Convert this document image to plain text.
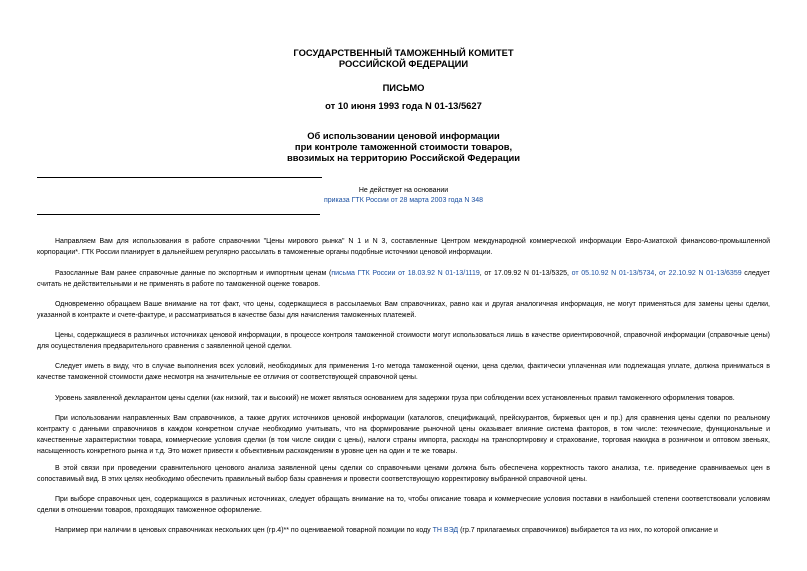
ГОСУДАРСТВЕННЫЙ ТАМОЖЕННЫЙ КОМИТЕТ
РОССИЙСКОЙ ФЕДЕРАЦИИ
ПИСЬМО
от 10 июня 1993 года N 01-13/5627
Об использовании ценовой информации
при контроле таможенной стоимости товаров,
ввозимых на территорию Российской Федерации
Не действует на основании
приказа ГТК России от 28 марта 2003 года N 348

Направляем Вам для использования в работе справочники "Цены мирового рынка" N 1 и N 3, составленные Центром международной коммерческой информации Евро-Азиатской финансово-промышленной корпорации*. ГТК России планирует в дальнейшем регулярно рассылать в таможенные органы подобные источники ценовой информации.

Разосланные Вам ранее справочные данные по экспортным и импортным ценам (письма ГТК России от 18.03.92 N 01-13/1119, от 17.09.92 N 01-13/5325, от 05.10.92 N 01-13/5734, от 22.10.92 N 01-13/6359 следует считать не действительными и не применять в работе по таможенной оценке товаров.

Одновременно обращаем Ваше внимание на тот факт, что цены, содержащиеся в рассылаемых Вам справочниках, равно как и другая аналогичная информация, не могут применяться для замены цены сделки, указанной в контракте и счете-фактуре, и рассматриваться в качестве базы для начисления таможенных платежей.

Цены, содержащиеся в различных источниках ценовой информации, в процессе контроля таможенной стоимости могут использоваться лишь в качестве ориентировочной, справочной информации (справочные цены) для осуществления предварительного сравнения с заявленной ценой сделки.

Следует иметь в виду, что в случае выполнения всех условий, необходимых для применения 1-го метода таможенной оценки, цена сделки, фактически уплаченная или подлежащая уплате, должна приниматься в качестве таможенной стоимости даже несмотря на значительные ее отличия от соответствующей справочной цены.

Уровень заявленной декларантом цены сделки (как низкий, так и высокий) не может являться основанием для задержки груза при соблюдении всех установленных правил таможенного оформления товаров.

При использовании направленных Вам справочников, а также других источников ценовой информации (каталогов, спецификаций, прейскурантов, биржевых цен и пр.) для сравнения цены сделки по реальному контракту с данными справочников в каждом конкретном случае необходимо учитывать, что на формирование рыночной цены оказывает влияние система факторов, в том числе: технические, функциональные и качественные характеристики товара, коммерческие условия сделки (в том числе скидки с цены), налоги страны импорта, расходы на транспортировку и страхование, торговая накидка в розничном и оптовом звеньях, насыщенность конкретного рынка и т.д. Это может привести к объективным расхождениям в уровне цен на один и те же товары.

В этой связи при проведении сравнительного ценового анализа заявленной цены сделки со справочными ценами должна быть обеспечена корректность такого анализа, т.е. приведение сравниваемых цен в сопоставимый вид. В этих целях необходимо обеспечить правильный выбор базы сравнения и провести соответствующую корректировку выбранной справочной цены.

При выборе справочных цен, содержащихся в различных источниках, следует обращать внимание на то, чтобы описание товара и коммерческие условия поставки в наибольшей степени соответствовали условиям сделки в отношении товаров, проходящих таможенное оформление.

Например при наличии в ценовых справочниках нескольких цен (гр.4)** по оцениваемой товарной позиции по коду ТН ВЭД (гр.7 прилагаемых справочников) выбирается та из них, по которой описание и
